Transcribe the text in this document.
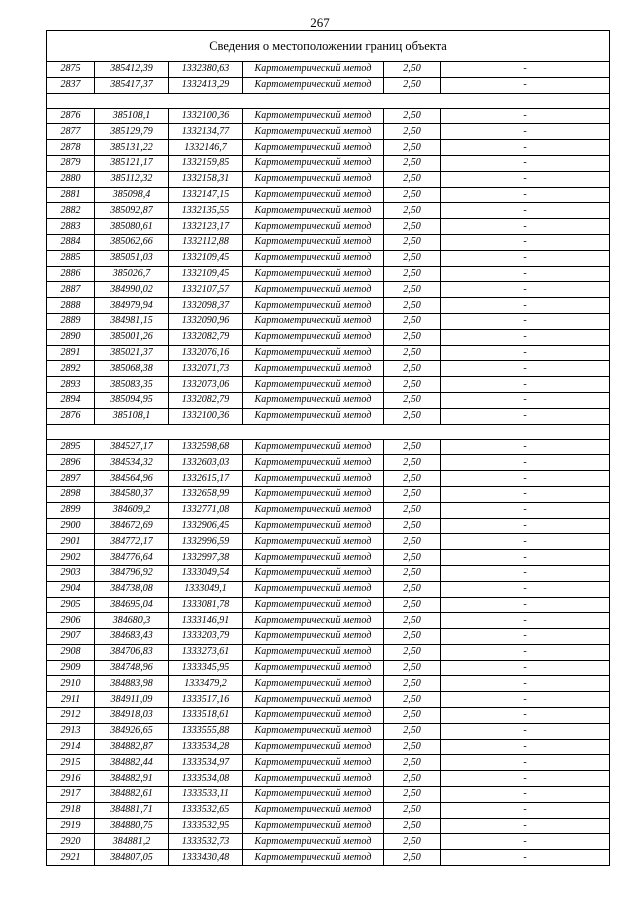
267
Сведения о местоположении границ объекта					
2875	385412,39	1332380,63	Картометрический метод	2,50	-
2837	385417,37	1332413,29	Картометрический метод	2,50	-

2876	385108,1	1332100,36	Картометрический метод	2,50	-
2877	385129,79	1332134,77	Картометрический метод	2,50	-
2878	385131,22	1332146,7	Картометрический метод	2,50	-
2879	385121,17	1332159,85	Картометрический метод	2,50	-
2880	385112,32	1332158,31	Картометрический метод	2,50	-
2881	385098,4	1332147,15	Картометрический метод	2,50	-
2882	385092,87	1332135,55	Картометрический метод	2,50	-
2883	385080,61	1332123,17	Картометрический метод	2,50	-
2884	385062,66	1332112,88	Картометрический метод	2,50	-
2885	385051,03	1332109,45	Картометрический метод	2,50	-
2886	385026,7	1332109,45	Картометрический метод	2,50	-
2887	384990,02	1332107,57	Картометрический метод	2,50	-
2888	384979,94	1332098,37	Картометрический метод	2,50	-
2889	384981,15	1332090,96	Картометрический метод	2,50	-
2890	385001,26	1332082,79	Картометрический метод	2,50	-
2891	385021,37	1332076,16	Картометрический метод	2,50	-
2892	385068,38	1332071,73	Картометрический метод	2,50	-
2893	385083,35	1332073,06	Картометрический метод	2,50	-
2894	385094,95	1332082,79	Картометрический метод	2,50	-
2876	385108,1	1332100,36	Картометрический метод	2,50	-

2895	384527,17	1332598,68	Картометрический метод	2,50	-
2896	384534,32	1332603,03	Картометрический метод	2,50	-
2897	384564,96	1332615,17	Картометрический метод	2,50	-
2898	384580,37	1332658,99	Картометрический метод	2,50	-
2899	384609,2	1332771,08	Картометрический метод	2,50	-
2900	384672,69	1332906,45	Картометрический метод	2,50	-
2901	384772,17	1332996,59	Картометрический метод	2,50	-
2902	384776,64	1332997,38	Картометрический метод	2,50	-
2903	384796,92	1333049,54	Картометрический метод	2,50	-
2904	384738,08	1333049,1	Картометрический метод	2,50	-
2905	384695,04	1333081,78	Картометрический метод	2,50	-
2906	384680,3	1333146,91	Картометрический метод	2,50	-
2907	384683,43	1333203,79	Картометрический метод	2,50	-
2908	384706,83	1333273,61	Картометрический метод	2,50	-
2909	384748,96	1333345,95	Картометрический метод	2,50	-
2910	384883,98	1333479,2	Картометрический метод	2,50	-
2911	384911,09	1333517,16	Картометрический метод	2,50	-
2912	384918,03	1333518,61	Картометрический метод	2,50	-
2913	384926,65	1333555,88	Картометрический метод	2,50	-
2914	384882,87	1333534,28	Картометрический метод	2,50	-
2915	384882,44	1333534,97	Картометрический метод	2,50	-
2916	384882,91	1333534,08	Картометрический метод	2,50	-
2917	384882,61	1333533,11	Картометрический метод	2,50	-
2918	384881,71	1333532,65	Картометрический метод	2,50	-
2919	384880,75	1333532,95	Картометрический метод	2,50	-
2920	384881,2	1333532,73	Картометрический метод	2,50	-
2921	384807,05	1333430,48	Картометрический метод	2,50	-
